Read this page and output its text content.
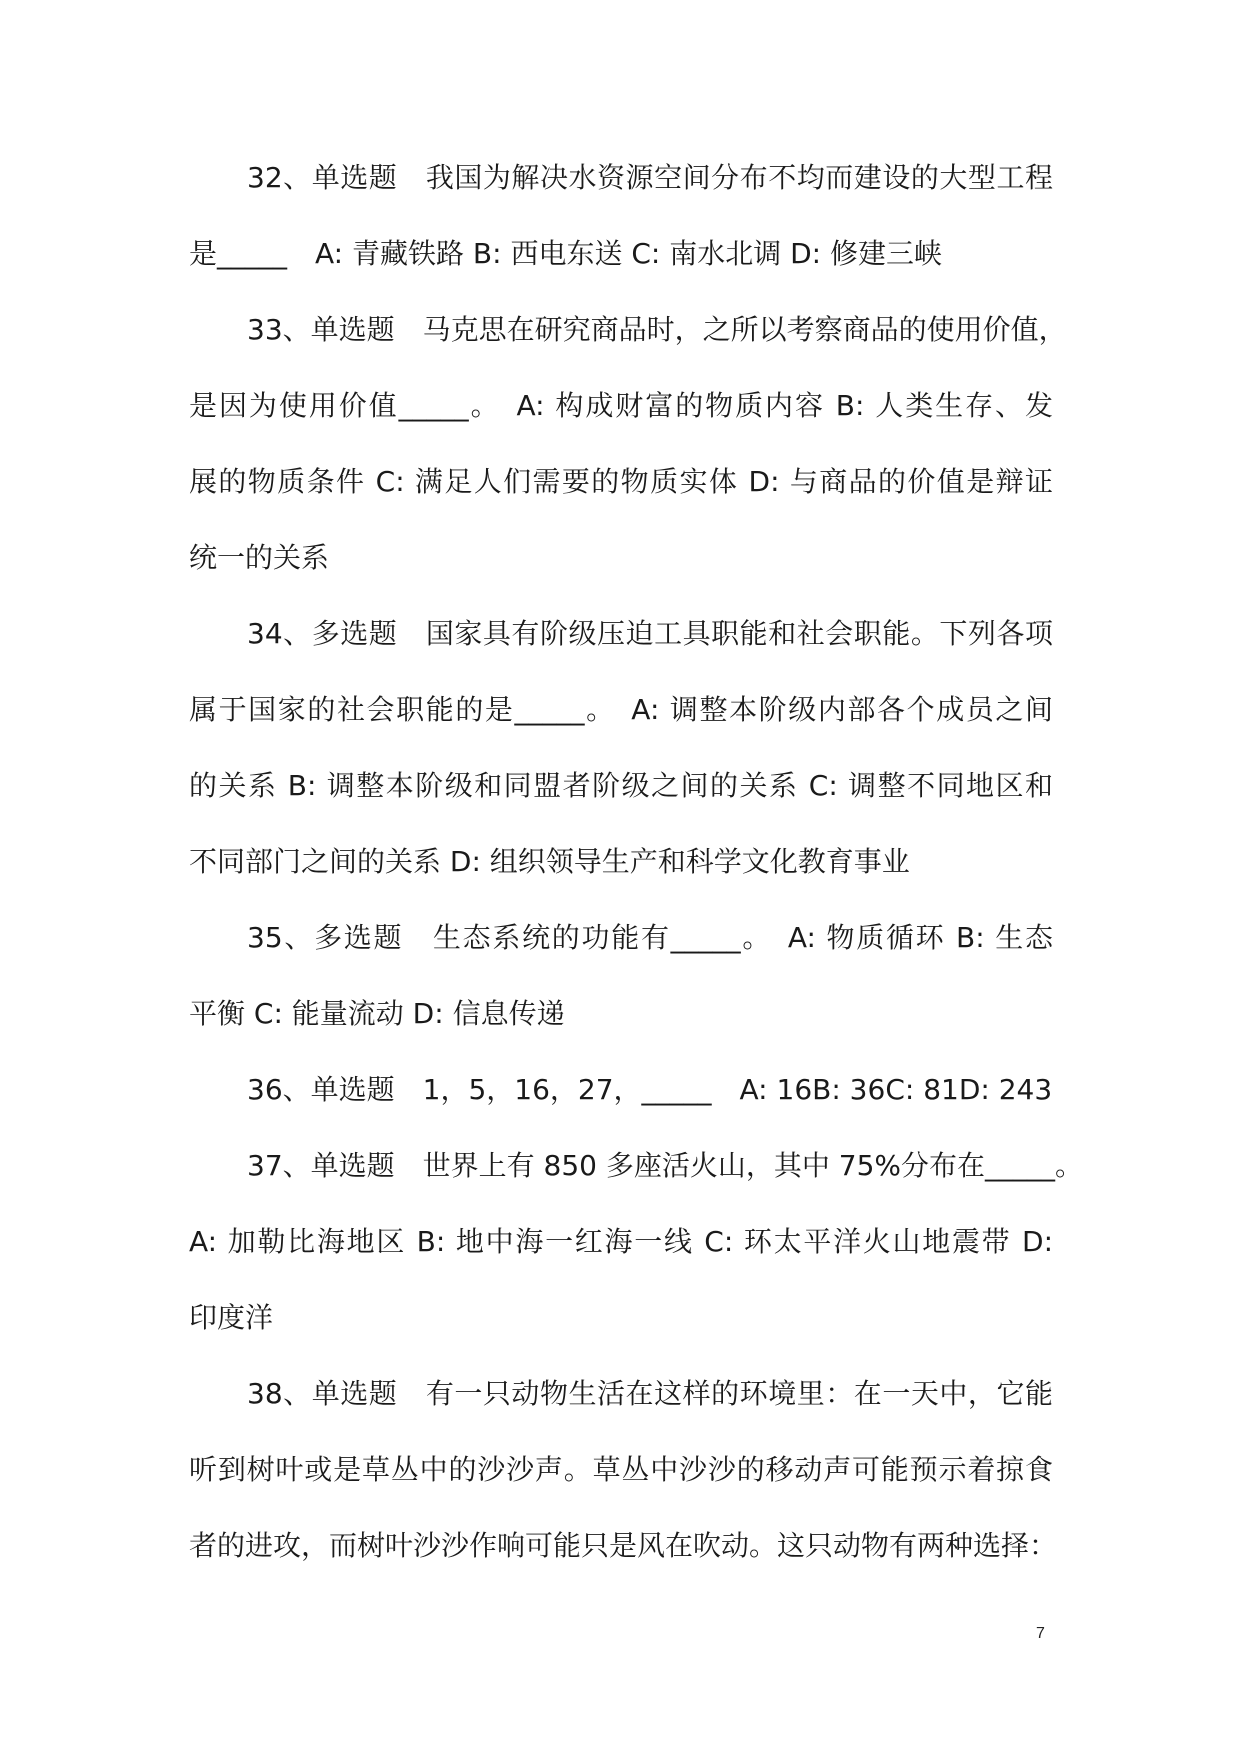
32、单选题　我国为解决水资源空间分布不均而建设的大型工程
是_____　A: 青藏铁路 B: 西电东送 C: 南水北调 D: 修建三峡
33、单选题　马克思在研究商品时，之所以考察商品的使用价值，
是因为使用价值_____。　A: 构成财富的物质内容 B: 人类生存、发
展的物质条件 C: 满足人们需要的物质实体 D: 与商品的价值是辩证
统一的关系
34、多选题　国家具有阶级压迫工具职能和社会职能。下列各项
属于国家的社会职能的是_____。　A: 调整本阶级内部各个成员之间
的关系 B: 调整本阶级和同盟者阶级之间的关系 C: 调整不同地区和
不同部门之间的关系 D: 组织领导生产和科学文化教育事业
35、多选题　生态系统的功能有_____。　A: 物质循环 B: 生态
平衡 C: 能量流动 D: 信息传递
36、单选题　1，5，16，27，_____　A: 16B: 36C: 81D: 243
37、单选题　世界上有 850 多座活火山，其中 75%分布在_____。
A: 加勒比海地区 B: 地中海一红海一线 C: 环太平洋火山地震带 D:
印度洋
38、单选题　有一只动物生活在这样的环境里：在一天中，它能
听到树叶或是草丛中的沙沙声。草丛中沙沙的移动声可能预示着掠食
者的进攻，而树叶沙沙作响可能只是风在吹动。这只动物有两种选择：
7
